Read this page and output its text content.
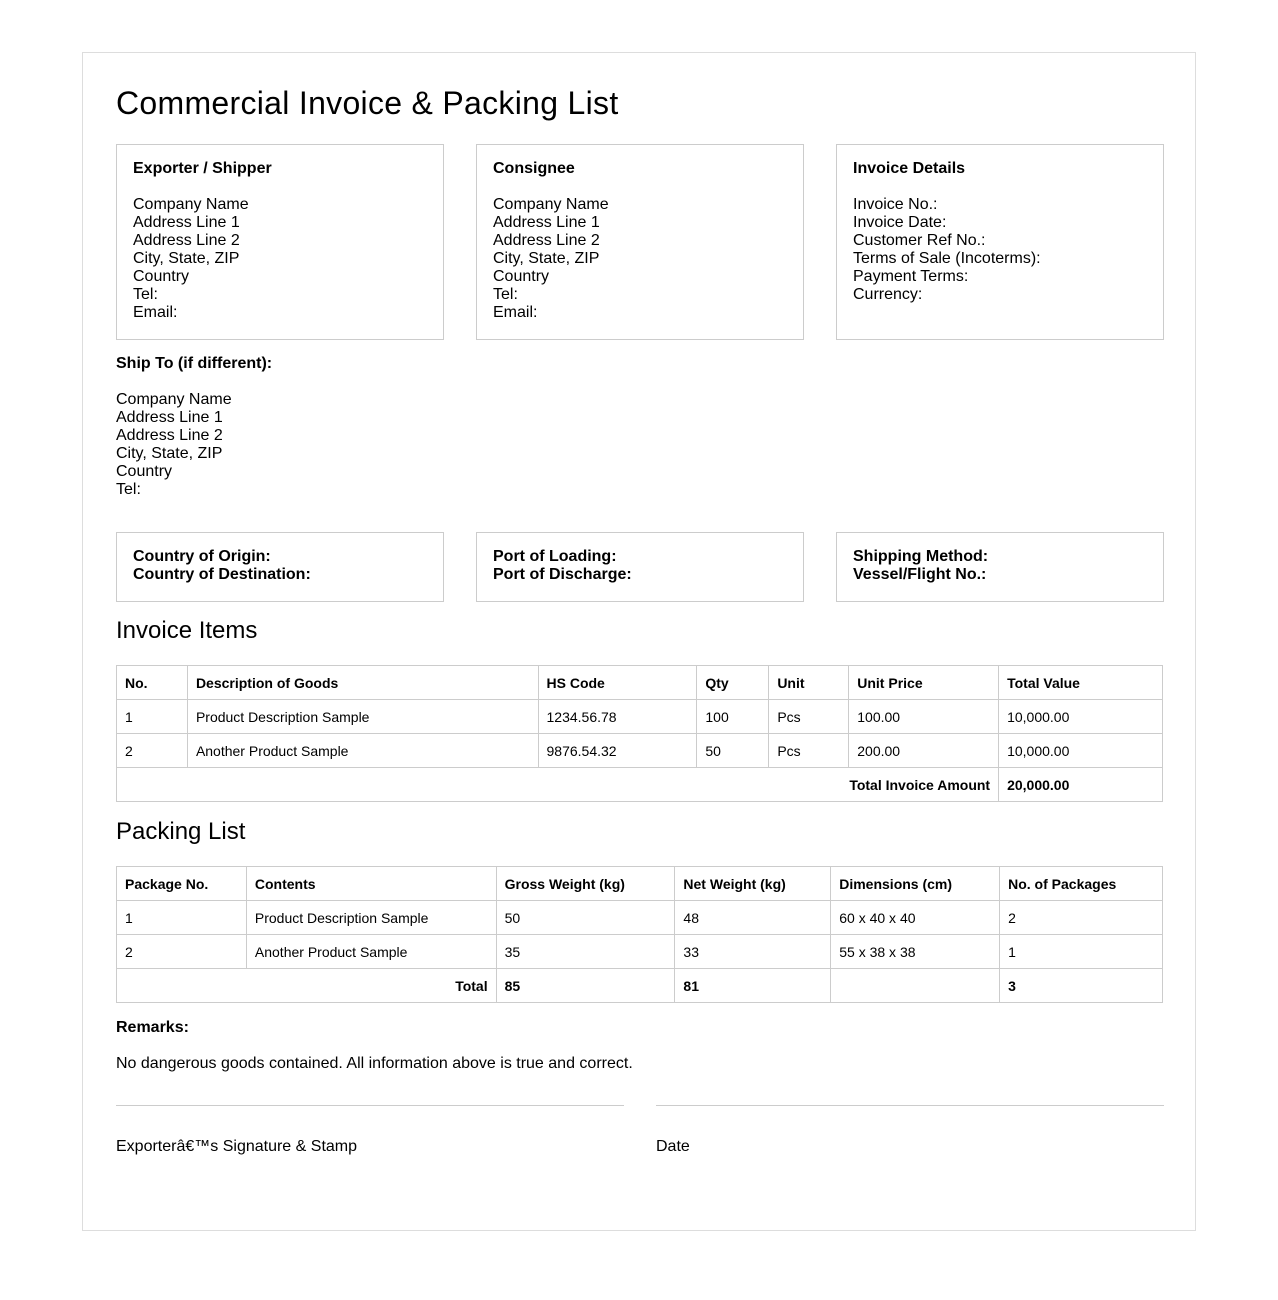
Commercial Invoice & Packing List
Exporter / Shipper
Company Name
Address Line 1
Address Line 2
City, State, ZIP
Country
Tel:
Email:
Consignee
Company Name
Address Line 1
Address Line 2
City, State, ZIP
Country
Tel:
Email:
Invoice Details
Invoice No.:
Invoice Date:
Customer Ref No.:
Terms of Sale (Incoterms):
Payment Terms:
Currency:
Ship To (if different):
Company Name
Address Line 1
Address Line 2
City, State, ZIP
Country
Tel:
Country of Origin:
Country of Destination:
Port of Loading:
Port of Discharge:
Shipping Method:
Vessel/Flight No.:
Invoice Items
No.	Description of Goods	HS Code	Qty	Unit	Unit Price	Total Value
1	Product Description Sample	1234.56.78	100	Pcs	100.00	10,000.00
2	Another Product Sample	9876.54.32	50	Pcs	200.00	10,000.00
Total Invoice Amount	20,000.00
Packing List
Package No.	Contents	Gross Weight (kg)	Net Weight (kg)	Dimensions (cm)	No. of Packages
1	Product Description Sample	50	48	60 x 40 x 40	2
2	Another Product Sample	35	33	55 x 38 x 38	1
Total	85	81		3
Remarks:
No dangerous goods contained. All information above is true and correct.
Exporterâ€™s Signature & Stamp	Date
